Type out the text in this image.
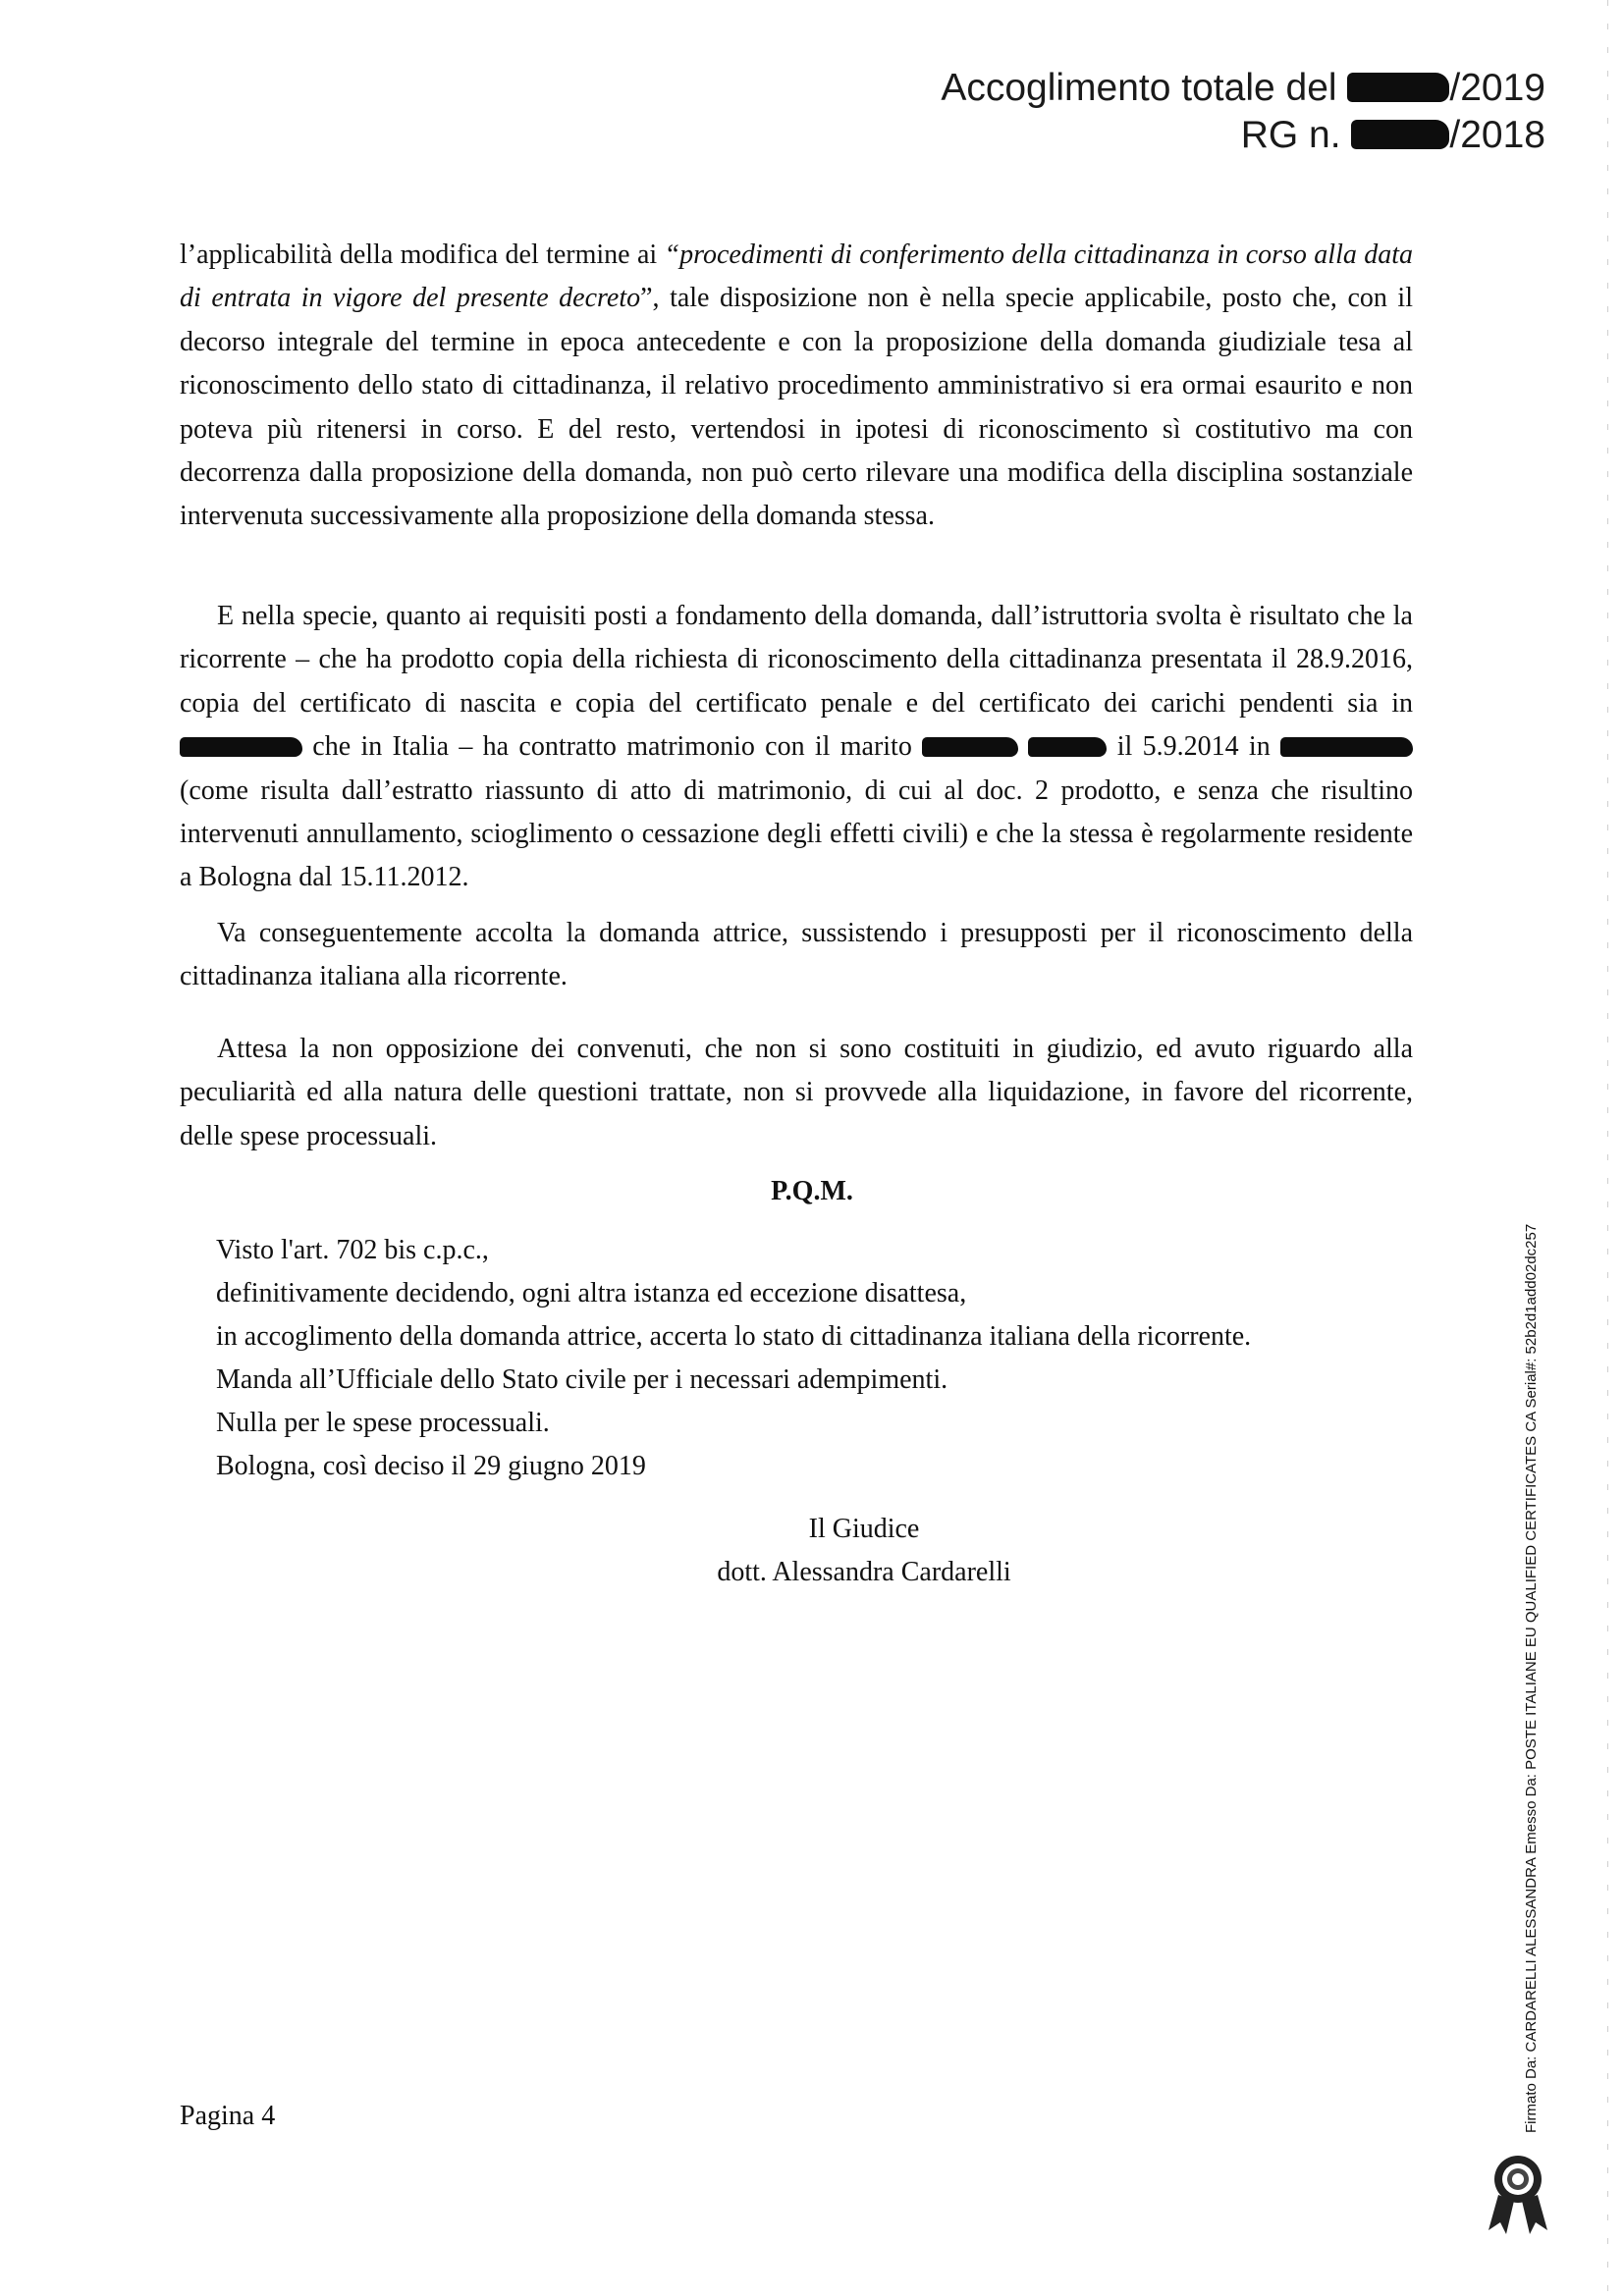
Accoglimento totale del	/2019
RG n.	/2018

l’applicabilità della modifica del termine ai “procedimenti di conferimento della cittadinanza in corso alla data di entrata in vigore del presente decreto”, tale disposizione non è nella specie applicabile, posto che, con il decorso integrale del termine in epoca antecedente e con la proposizione della domanda giudiziale tesa al riconoscimento dello stato di cittadinanza, il relativo procedimento amministrativo si era ormai esaurito e non poteva più ritenersi in corso. E del resto, vertendosi in ipotesi di riconoscimento sì costitutivo ma con decorrenza dalla proposizione della domanda, non può certo rilevare una modifica della disciplina sostanziale intervenuta successivamente alla proposizione della domanda stessa.

E nella specie, quanto ai requisiti posti a fondamento della domanda, dall’istruttoria svolta è risultato che la ricorrente – che ha prodotto copia della richiesta di riconoscimento della cittadinanza presentata il 28.9.2016, copia del certificato di nascita e copia del certificato penale e del certificato dei carichi pendenti sia in  che in Italia – ha contratto matrimonio con il marito	il 5.9.2014 in  (come risulta dall’estratto riassunto di atto di matrimonio, di cui al doc. 2 prodotto, e senza che risultino intervenuti annullamento, scioglimento o cessazione degli effetti civili) e che la stessa è regolarmente residente a Bologna dal 15.11.2012.

Va conseguentemente accolta la domanda attrice, sussistendo i presupposti per il riconoscimento della cittadinanza italiana alla ricorrente.

Attesa la non opposizione dei convenuti, che non si sono costituiti in giudizio, ed avuto riguardo alla peculiarità ed alla natura delle questioni trattate, non si provvede alla liquidazione, in favore del ricorrente, delle spese processuali.

P.Q.M.
Visto l'art. 702 bis c.p.c.,
definitivamente decidendo, ogni altra istanza ed eccezione disattesa,
in accoglimento della domanda attrice, accerta lo stato di cittadinanza italiana della ricorrente.
Manda all’Ufficiale dello Stato civile per i necessari adempimenti.
Nulla per le spese processuali.
Bologna, così deciso il 29 giugno 2019
Il Giudice
dott. Alessandra Cardarelli
Pagina 4	Firmato Da: CARDARELLI ALESSANDRA Emesso Da: POSTE ITALIANE EU QUALIFIED CERTIFICATES CA Serial#: 52b2d1add02dc257
